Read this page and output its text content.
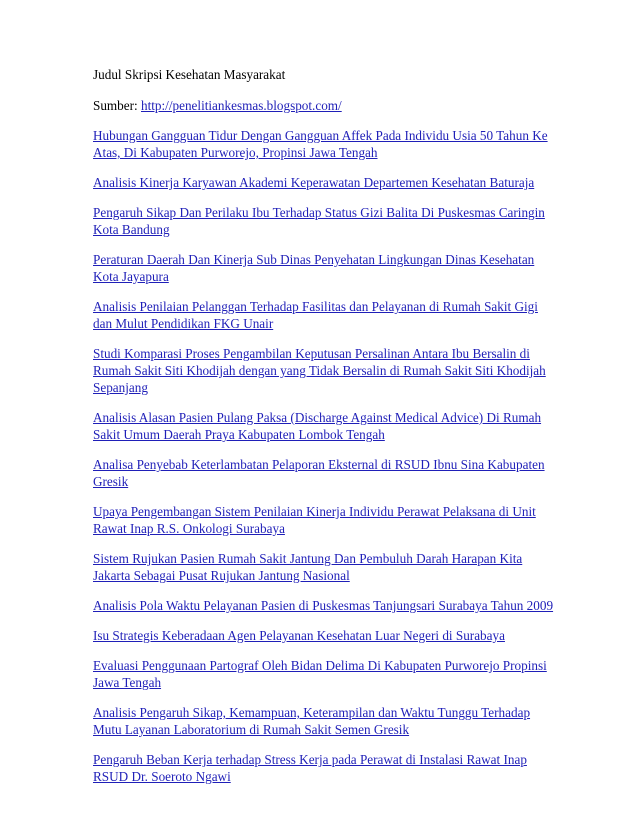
Judul Skripsi Kesehatan Masyarakat

Sumber: http://penelitiankesmas.blogspot.com/

Hubungan Gangguan Tidur Dengan Gangguan Affek Pada Individu Usia 50 Tahun Ke Atas, Di Kabupaten Purworejo, Propinsi Jawa Tengah
Analisis Kinerja Karyawan Akademi Keperawatan Departemen Kesehatan Baturaja
Pengaruh Sikap Dan Perilaku Ibu Terhadap Status Gizi Balita Di Puskesmas Caringin Kota Bandung
Peraturan Daerah Dan Kinerja Sub Dinas Penyehatan Lingkungan Dinas Kesehatan Kota Jayapura
Analisis Penilaian Pelanggan Terhadap Fasilitas dan Pelayanan di Rumah Sakit Gigi dan Mulut Pendidikan FKG Unair
Studi Komparasi Proses Pengambilan Keputusan Persalinan Antara Ibu Bersalin di Rumah Sakit Siti Khodijah dengan yang Tidak Bersalin di Rumah Sakit Siti Khodijah Sepanjang
Analisis Alasan Pasien Pulang Paksa (Discharge Against Medical Advice) Di Rumah Sakit Umum Daerah Praya Kabupaten Lombok Tengah
Analisa Penyebab Keterlambatan Pelaporan Eksternal di RSUD Ibnu Sina Kabupaten Gresik
Upaya Pengembangan Sistem Penilaian Kinerja Individu Perawat Pelaksana di Unit Rawat Inap R.S. Onkologi Surabaya
Sistem Rujukan Pasien Rumah Sakit Jantung Dan Pembuluh Darah Harapan Kita Jakarta Sebagai Pusat Rujukan Jantung Nasional
Analisis Pola Waktu Pelayanan Pasien di Puskesmas Tanjungsari Surabaya Tahun 2009
Isu Strategis Keberadaan Agen Pelayanan Kesehatan Luar Negeri di Surabaya
Evaluasi Penggunaan Partograf Oleh Bidan Delima Di Kabupaten Purworejo Propinsi Jawa Tengah
Analisis Pengaruh Sikap, Kemampuan, Keterampilan dan Waktu Tunggu Terhadap Mutu Layanan Laboratorium di Rumah Sakit Semen Gresik
Pengaruh Beban Kerja terhadap Stress Kerja pada Perawat di Instalasi Rawat Inap RSUD Dr. Soeroto Ngawi
